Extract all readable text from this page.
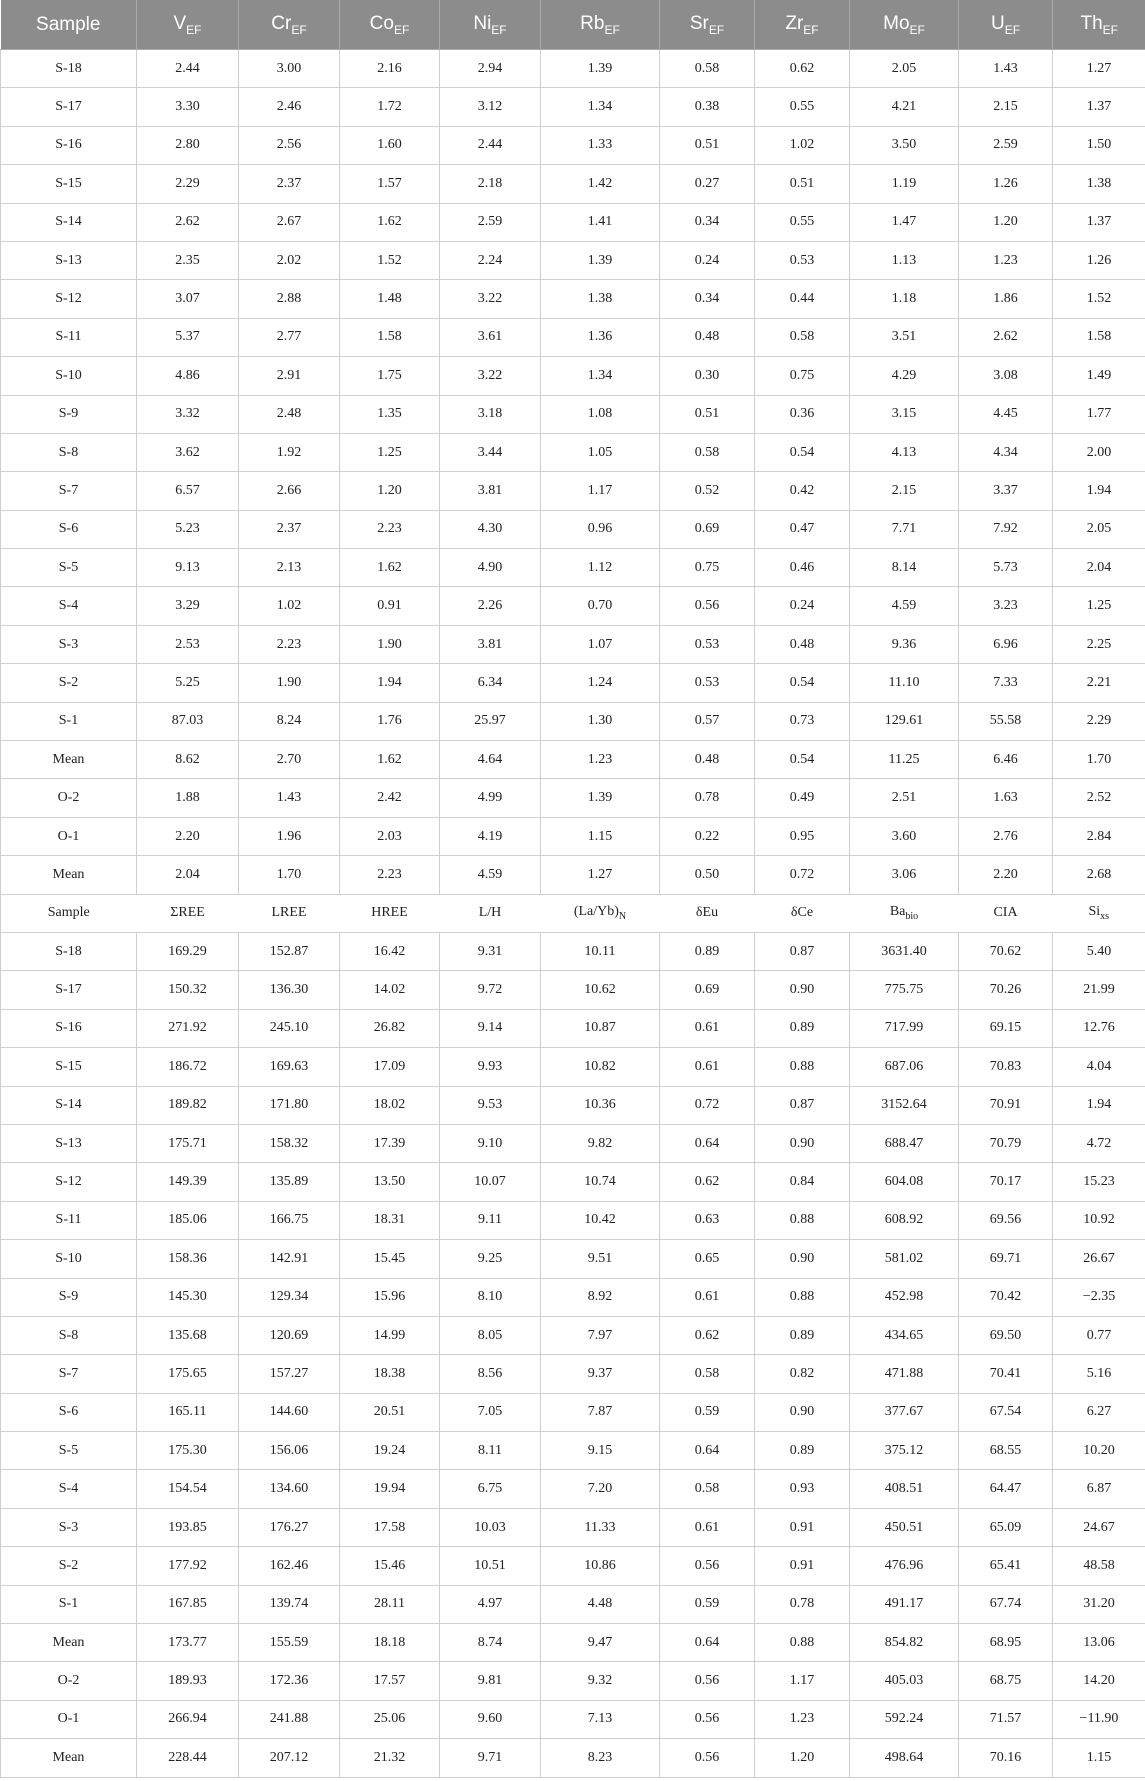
Sample	$V_{EF}$	$Cr_{EF}$	$Co_{EF}$	$Ni_{EF}$	$Rb_{EF}$	$Sr_{EF}$	$Zr_{EF}$	$Mo_{EF}$	$U_{EF}$	$Th_{EF}$
S-18	2.44	3.00	2.16	2.94	1.39	0.58	0.62	2.05	1.43	1.27
S-17	3.30	2.46	1.72	3.12	1.34	0.38	0.55	4.21	2.15	1.37
S-16	2.80	2.56	1.60	2.44	1.33	0.51	1.02	3.50	2.59	1.50
S-15	2.29	2.37	1.57	2.18	1.42	0.27	0.51	1.19	1.26	1.38
S-14	2.62	2.67	1.62	2.59	1.41	0.34	0.55	1.47	1.20	1.37
S-13	2.35	2.02	1.52	2.24	1.39	0.24	0.53	1.13	1.23	1.26
S-12	3.07	2.88	1.48	3.22	1.38	0.34	0.44	1.18	1.86	1.52
S-11	5.37	2.77	1.58	3.61	1.36	0.48	0.58	3.51	2.62	1.58
S-10	4.86	2.91	1.75	3.22	1.34	0.30	0.75	4.29	3.08	1.49
S-9	3.32	2.48	1.35	3.18	1.08	0.51	0.36	3.15	4.45	1.77
S-8	3.62	1.92	1.25	3.44	1.05	0.58	0.54	4.13	4.34	2.00
S-7	6.57	2.66	1.20	3.81	1.17	0.52	0.42	2.15	3.37	1.94
S-6	5.23	2.37	2.23	4.30	0.96	0.69	0.47	7.71	7.92	2.05
S-5	9.13	2.13	1.62	4.90	1.12	0.75	0.46	8.14	5.73	2.04
S-4	3.29	1.02	0.91	2.26	0.70	0.56	0.24	4.59	3.23	1.25
S-3	2.53	2.23	1.90	3.81	1.07	0.53	0.48	9.36	6.96	2.25
S-2	5.25	1.90	1.94	6.34	1.24	0.53	0.54	11.10	7.33	2.21
S-1	87.03	8.24	1.76	25.97	1.30	0.57	0.73	129.61	55.58	2.29
Mean	8.62	2.70	1.62	4.64	1.23	0.48	0.54	11.25	6.46	1.70
O-2	1.88	1.43	2.42	4.99	1.39	0.78	0.49	2.51	1.63	2.52
O-1	2.20	1.96	2.03	4.19	1.15	0.22	0.95	3.60	2.76	2.84
Mean	2.04	1.70	2.23	4.59	1.27	0.50	0.72	3.06	2.20	2.68
Sample	ΣREE	LREE	HREE	L/H	$(La/Yb)_N$	δEu	δCe	$Ba_{bio}$	CIA	$Si_{xs}$
S-18	169.29	152.87	16.42	9.31	10.11	0.89	0.87	3631.40	70.62	5.40
S-17	150.32	136.30	14.02	9.72	10.62	0.69	0.90	775.75	70.26	21.99
S-16	271.92	245.10	26.82	9.14	10.87	0.61	0.89	717.99	69.15	12.76
S-15	186.72	169.63	17.09	9.93	10.82	0.61	0.88	687.06	70.83	4.04
S-14	189.82	171.80	18.02	9.53	10.36	0.72	0.87	3152.64	70.91	1.94
S-13	175.71	158.32	17.39	9.10	9.82	0.64	0.90	688.47	70.79	4.72
S-12	149.39	135.89	13.50	10.07	10.74	0.62	0.84	604.08	70.17	15.23
S-11	185.06	166.75	18.31	9.11	10.42	0.63	0.88	608.92	69.56	10.92
S-10	158.36	142.91	15.45	9.25	9.51	0.65	0.90	581.02	69.71	26.67
S-9	145.30	129.34	15.96	8.10	8.92	0.61	0.88	452.98	70.42	−2.35
S-8	135.68	120.69	14.99	8.05	7.97	0.62	0.89	434.65	69.50	0.77
S-7	175.65	157.27	18.38	8.56	9.37	0.58	0.82	471.88	70.41	5.16
S-6	165.11	144.60	20.51	7.05	7.87	0.59	0.90	377.67	67.54	6.27
S-5	175.30	156.06	19.24	8.11	9.15	0.64	0.89	375.12	68.55	10.20
S-4	154.54	134.60	19.94	6.75	7.20	0.58	0.93	408.51	64.47	6.87
S-3	193.85	176.27	17.58	10.03	11.33	0.61	0.91	450.51	65.09	24.67
S-2	177.92	162.46	15.46	10.51	10.86	0.56	0.91	476.96	65.41	48.58
S-1	167.85	139.74	28.11	4.97	4.48	0.59	0.78	491.17	67.74	31.20
Mean	173.77	155.59	18.18	8.74	9.47	0.64	0.88	854.82	68.95	13.06
O-2	189.93	172.36	17.57	9.81	9.32	0.56	1.17	405.03	68.75	14.20
O-1	266.94	241.88	25.06	9.60	7.13	0.56	1.23	592.24	71.57	−11.90
Mean	228.44	207.12	21.32	9.71	8.23	0.56	1.20	498.64	70.16	1.15
